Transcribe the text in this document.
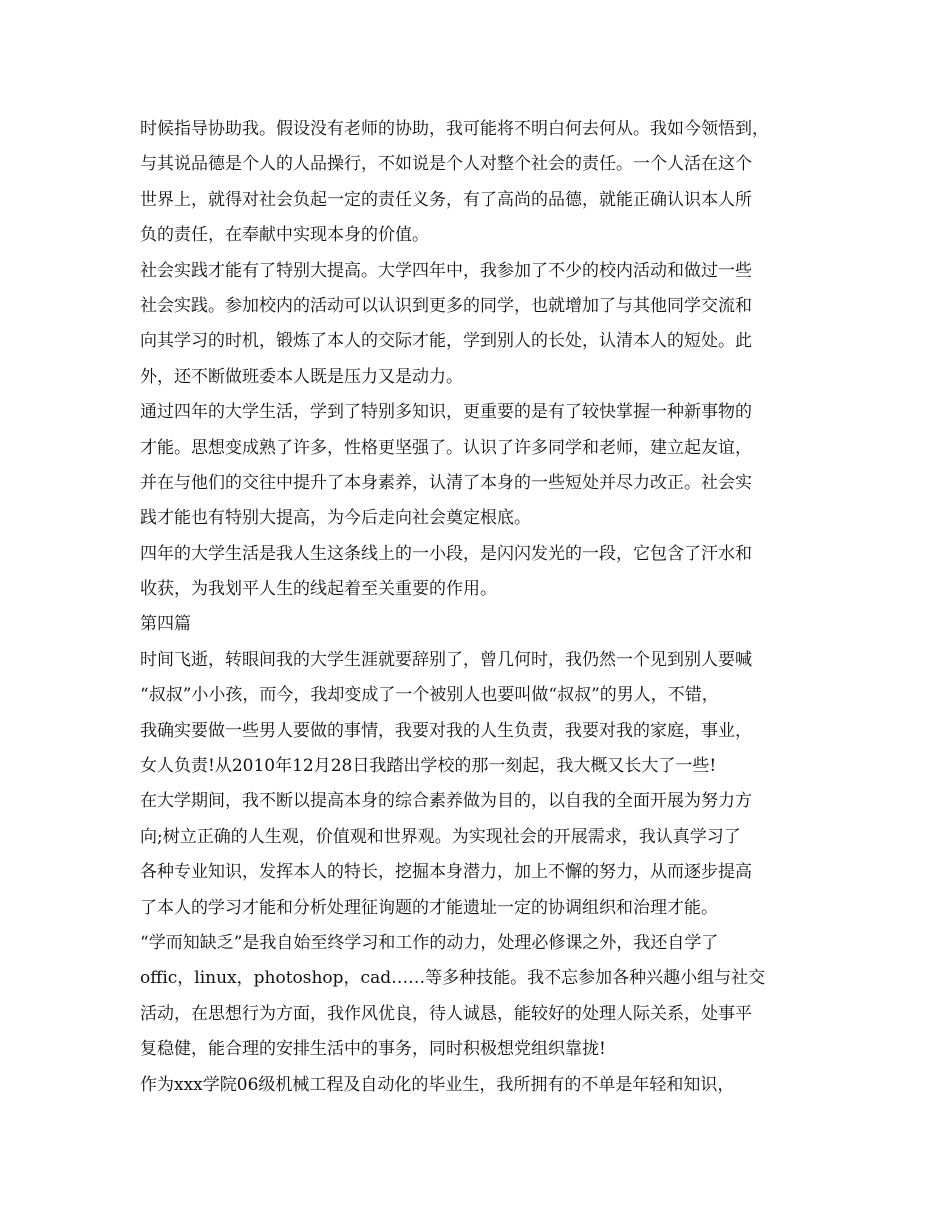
时候指导协助我。假设没有老师的协助，我可能将不明白何去何从。我如今领悟到，
与其说品德是个人的人品操行，不如说是个人对整个社会的责任。一个人活在这个
世界上，就得对社会负起一定的责任义务，有了高尚的品德，就能正确认识本人所
负的责任，在奉献中实现本身的价值。
社会实践才能有了特别大提高。大学四年中，我参加了不少的校内活动和做过一些
社会实践。参加校内的活动可以认识到更多的同学，也就增加了与其他同学交流和
向其学习的时机，锻炼了本人的交际才能，学到别人的长处，认清本人的短处。此
外，还不断做班委本人既是压力又是动力。
通过四年的大学生活，学到了特别多知识，更重要的是有了较快掌握一种新事物的
才能。思想变成熟了许多，性格更坚强了。认识了许多同学和老师，建立起友谊，
并在与他们的交往中提升了本身素养，认清了本身的一些短处并尽力改正。社会实
践才能也有特别大提高，为今后走向社会奠定根底。
四年的大学生活是我人生这条线上的一小段，是闪闪发光的一段，它包含了汗水和
收获，为我划平人生的线起着至关重要的作用。
第四篇
时间飞逝，转眼间我的大学生涯就要辞别了，曾几何时，我仍然一个见到别人要喊
“叔叔”小小孩，而今，我却变成了一个被别人也要叫做“叔叔”的男人，不错，
我确实要做一些男人要做的事情，我要对我的人生负责，我要对我的家庭，事业，
女人负责!从2010年12月28日我踏出学校的那一刻起，我大概又长大了一些!
在大学期间，我不断以提高本身的综合素养做为目的，以自我的全面开展为努力方
向;树立正确的人生观，价值观和世界观。为实现社会的开展需求，我认真学习了
各种专业知识，发挥本人的特长，挖掘本身潜力，加上不懈的努力，从而逐步提高
了本人的学习才能和分析处理征询题的才能遗址一定的协调组织和治理才能。
“学而知缺乏”是我自始至终学习和工作的动力，处理必修课之外，我还自学了
offic，linux，photoshop，cad……等多种技能。我不忘参加各种兴趣小组与社交
活动，在思想行为方面，我作风优良，待人诚恳，能较好的处理人际关系，处事平
复稳健，能合理的安排生活中的事务，同时积极想党组织靠拢!
作为xxx学院06级机械工程及自动化的毕业生，我所拥有的不单是年轻和知识，
